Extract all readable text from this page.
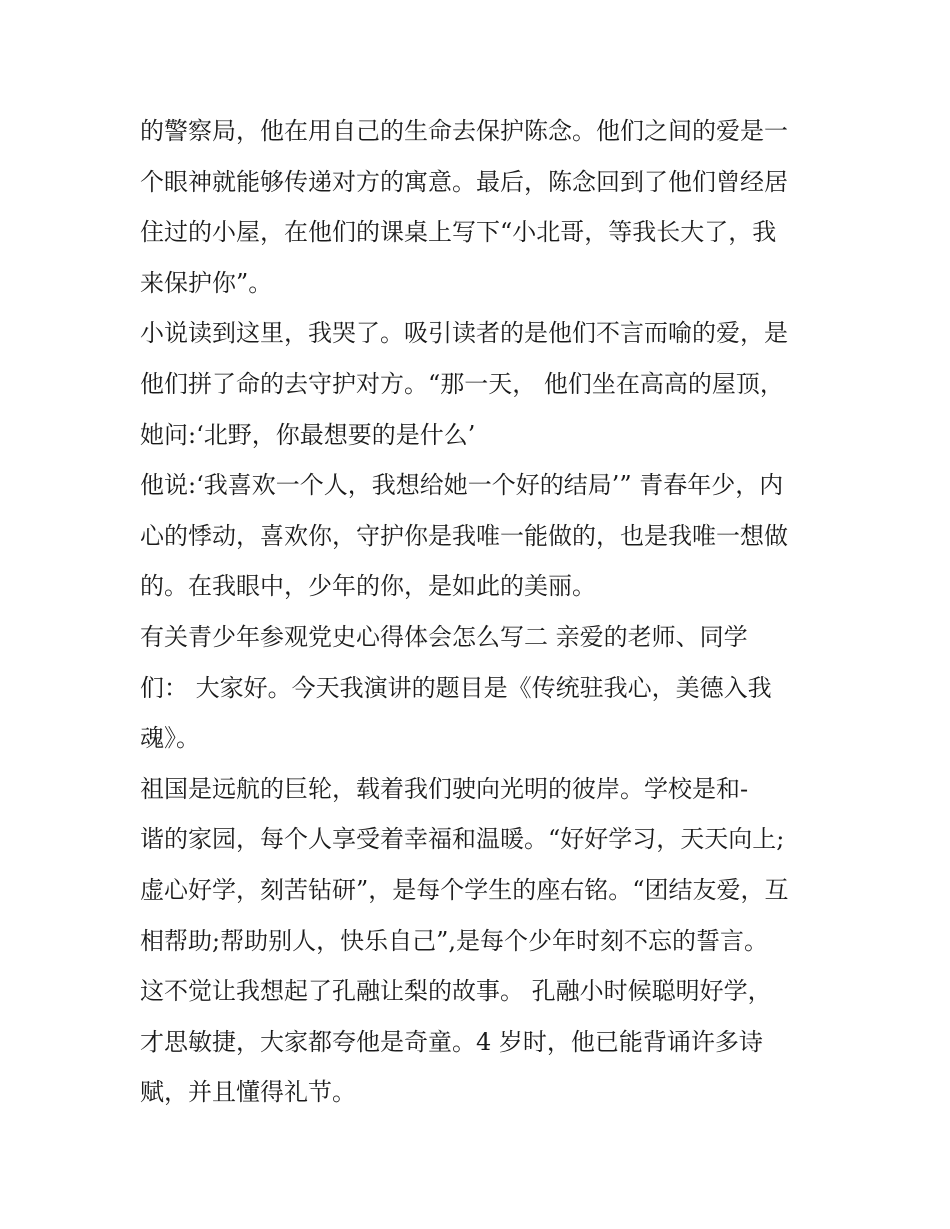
的警察局，他在用自己的生命去保护陈念。他们之间的爱是一
个眼神就能够传递对方的寓意。最后，陈念回到了他们曾经居
住过的小屋，在他们的课桌上写下“小北哥，等我长大了，我
来保护你”。
小说读到这里，我哭了。吸引读者的是他们不言而喻的爱，是
他们拼了命的去守护对方。“那一天， 他们坐在高高的屋顶，
她问:‘北野，你最想要的是什么’
他说:‘我喜欢一个人，我想给她一个好的结局’” 青春年少，内
心的悸动，喜欢你，守护你是我唯一能做的，也是我唯一想做
的。在我眼中，少年的你，是如此的美丽。
有关青少年参观党史心得体会怎么写二 亲爱的老师、同学
们： 大家好。今天我演讲的题目是《传统驻我心，美德入我
魂》。
祖国是远航的巨轮，载着我们驶向光明的彼岸。学校是和-
谐的家园，每个人享受着幸福和温暖。“好好学习，天天向上;
虚心好学，刻苦钻研”，是每个学生的座右铭。“团结友爱，互
相帮助;帮助别人，快乐自己”,是每个少年时刻不忘的誓言。
这不觉让我想起了孔融让梨的故事。 孔融小时候聪明好学，
才思敏捷，大家都夸他是奇童。4 岁时，他已能背诵许多诗
赋，并且懂得礼节。
